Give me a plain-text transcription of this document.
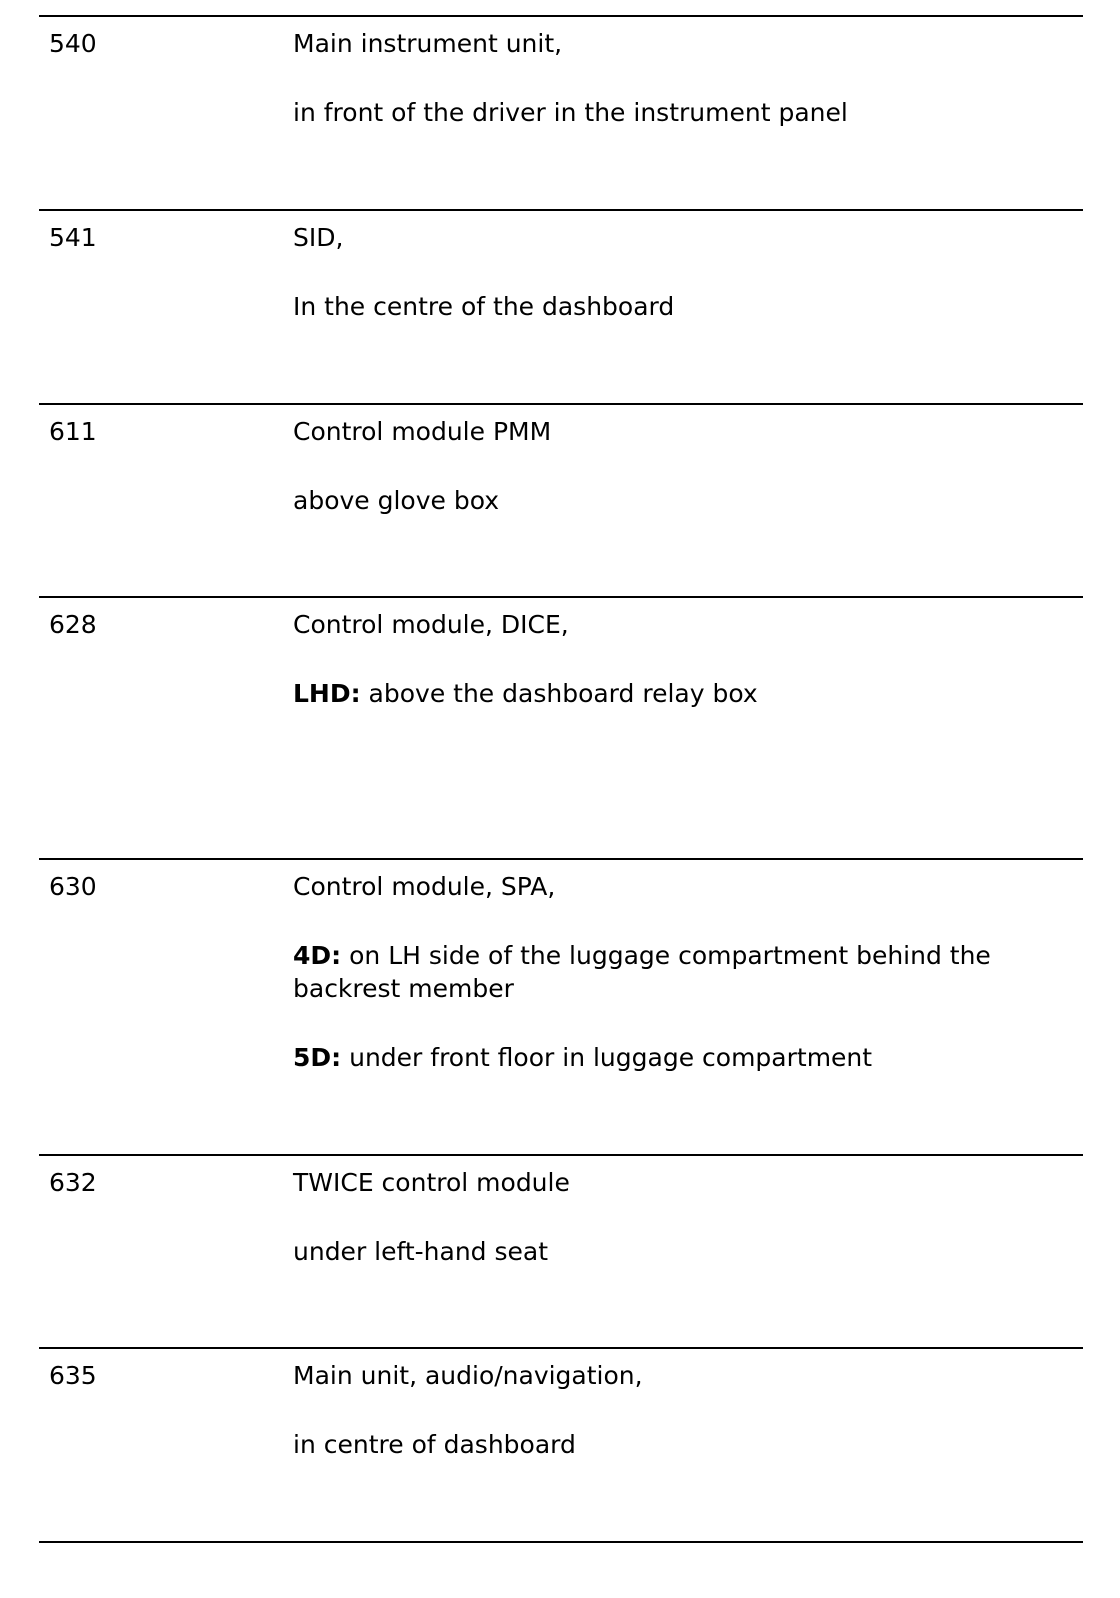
540	Main instrument unit,

in front of the driver in the instrument panel

541	SID,

In the centre of the dashboard

611	Control module PMM

above glove box

628	Control module, DICE,

LHD: above the dashboard relay box

630	Control module, SPA,

4D: on LH side of the luggage compartment behind the backrest member

5D: under front floor in luggage compartment

632	TWICE control module

under left-hand seat

635	Main unit, audio/navigation,

in centre of dashboard
